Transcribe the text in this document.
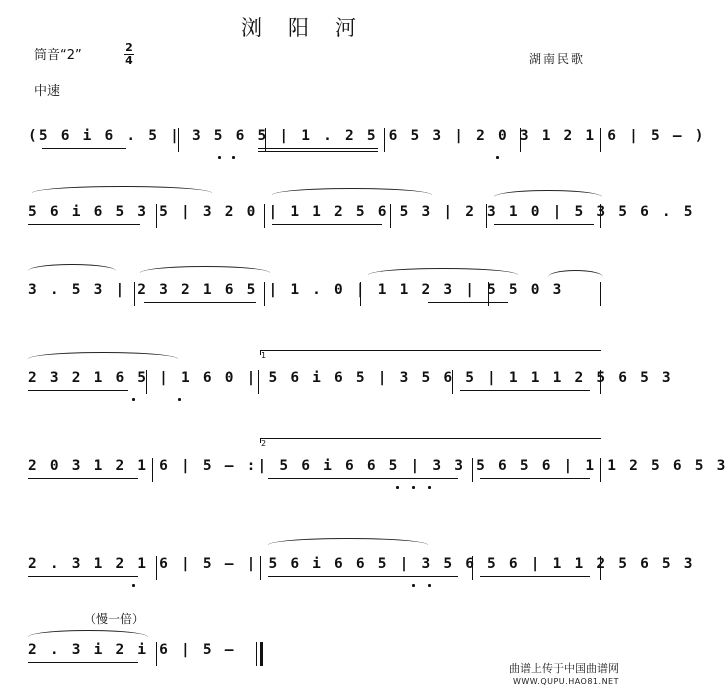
浏阳河
筒音“2”
2
4	湖南民歌
中速
(5 6 i 6 . 5 | 3 5 6 5 | 1 . 2 5 6 5 3 | 2 0 3 1 2 1 6 | 5 – )
5 6 i 6 5 3 5 | 3 2 0 | 1 1 2 5 6 5 3 | 2 3 1 0 | 5 3 5 6 . 5
3 . 5 3 | 2 3 2 1 6 5 | 1 . 0 | 1 1 2 3 | 5 5 0 3
1
2 3 2 1 6 5 | 1 6 0 | 5 6 i 6 5 | 3 5 6 5 | 1 1 1 2 5 6 5 3
2
2 0 3 1 2 1 6 | 5 – :| 5 6 i 6 6 5 | 3 3 5 6 5 6 | 1 1 2 5 6 5 3
2 . 3 1 2 1 6 | 5 – | 5 6 i 6 6 5 | 3 5 6 5 6 | 1 1 2 5 6 5 3
（慢一倍）
2 . 3 i 2 i 6 | 5 –
曲谱上传于中国曲谱网
WWW.QUPU.HAO81.NET
